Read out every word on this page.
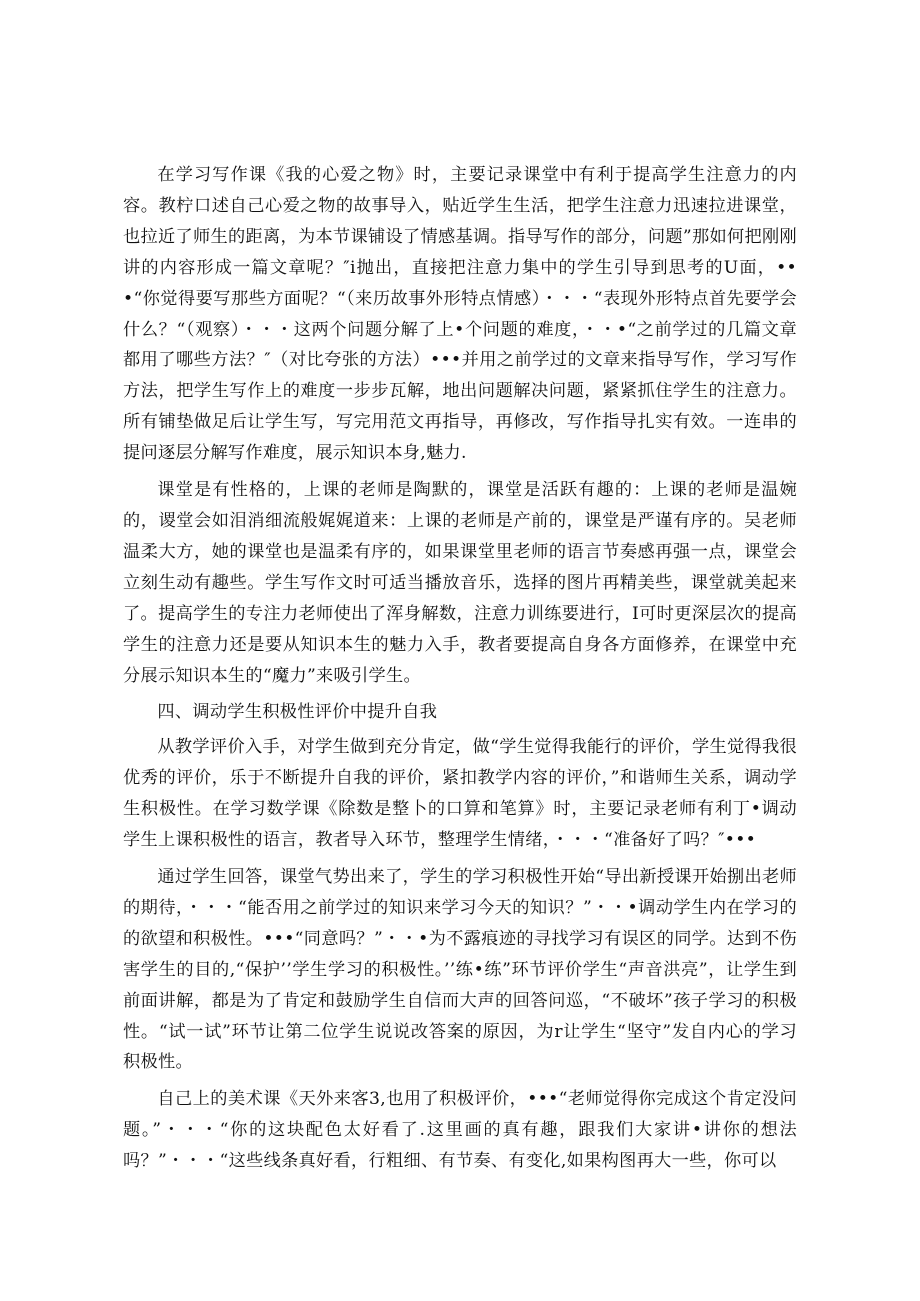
在学习写作课《我的心爱之物》时，主要记录课堂中有利于提高学生注意力的内容。教柠口述自己心爱之物的故事导入，贴近学生生活，把学生注意力迅速拉进课堂，也拉近了师生的距离，为本节课铺设了情感基调。指导写作的部分，问题”那如何把刚刚讲的内容形成一篇文章呢？″i抛出，直接把注意力集中的学生引导到思考的U面，•••“你觉得要写那些方面呢？“（来历故事外形特点情感）・・・“表现外形特点首先要学会什么？“（观察）・・・这两个问题分解了上•个问题的难度，・・•“之前学过的几篇文章都用了哪些方法？″（对比夸张的方法）•••并用之前学过的文章来指导写作，学习写作方法，把学生写作上的难度一步步瓦解，地出问题解决问题，紧紧抓住学生的注意力。所有铺垫做足后让学生写，写完用范文再指导，再修改，写作指导扎实有效。一连串的提问逐层分解写作难度，展示知识本身,魅力.

课堂是有性格的，上课的老师是陶默的，课堂是活跃有趣的：上课的老师是温婉的，谡堂会如泪消细流般娓娓道来：上课的老师是产前的，课堂是严谨有序的。吴老师温柔大方，她的课堂也是温柔有序的，如果课堂里老师的语言节奏感再强一点，课堂会立刻生动有趣些。学生写作文时可适当播放音乐，选择的图片再精美些，课堂就美起来了。提高学生的专注力老师使出了浑身解数，注意力训练要进行，I可时更深层次的提高学生的注意力还是要从知识本生的魅力入手，教者要提高自身各方面修养，在课堂中充分展示知识本生的“魔力”来吸引学生。

四、调动学生积极性评价中提升自我

从教学评价入手，对学生做到充分肯定，做“学生觉得我能行的评价，学生觉得我很优秀的评价，乐于不断提升自我的评价，紧扣教学内容的评价，”和谐师生关系，调动学生积极性。在学习数学课《除数是整卜的口算和笔算》时，主要记录老师有利丁•调动学生上课积极性的语言，教者导入环节，整理学生情绪，・・・“准备好了吗？″•••

通过学生回答，课堂气势出来了，学生的学习积极性开始“导出新授课开始捌出老师的期待，・・・“能否用之前学过的知识来学习今天的知识？”・・•调动学生内在学习的的欲望和积极性。•••“同意吗？”・・•为不露痕迹的寻找学习有误区的同学。达到不伤害学生的目的,“保护’’学生学习的积极性。’’练•练”环节评价学生“声音洪亮”，让学生到前面讲解，都是为了肯定和鼓励学生自信而大声的回答问巡，“不破坏”孩子学习的积极性。“试一试”环节让第二位学生说说改答案的原因，为r让学生“坚守”发自内心的学习积极性。

自己上的美术课《天外来客3,也用了积极评价，•••“老师觉得你完成这个肯定没问题。”・・・“你的这块配色太好看了.这里画的真有趣，跟我们大家讲•讲你的想法吗？”・・・“这些线条真好看，行粗细、有节奏、有变化,如果构图再大一些，你可以
